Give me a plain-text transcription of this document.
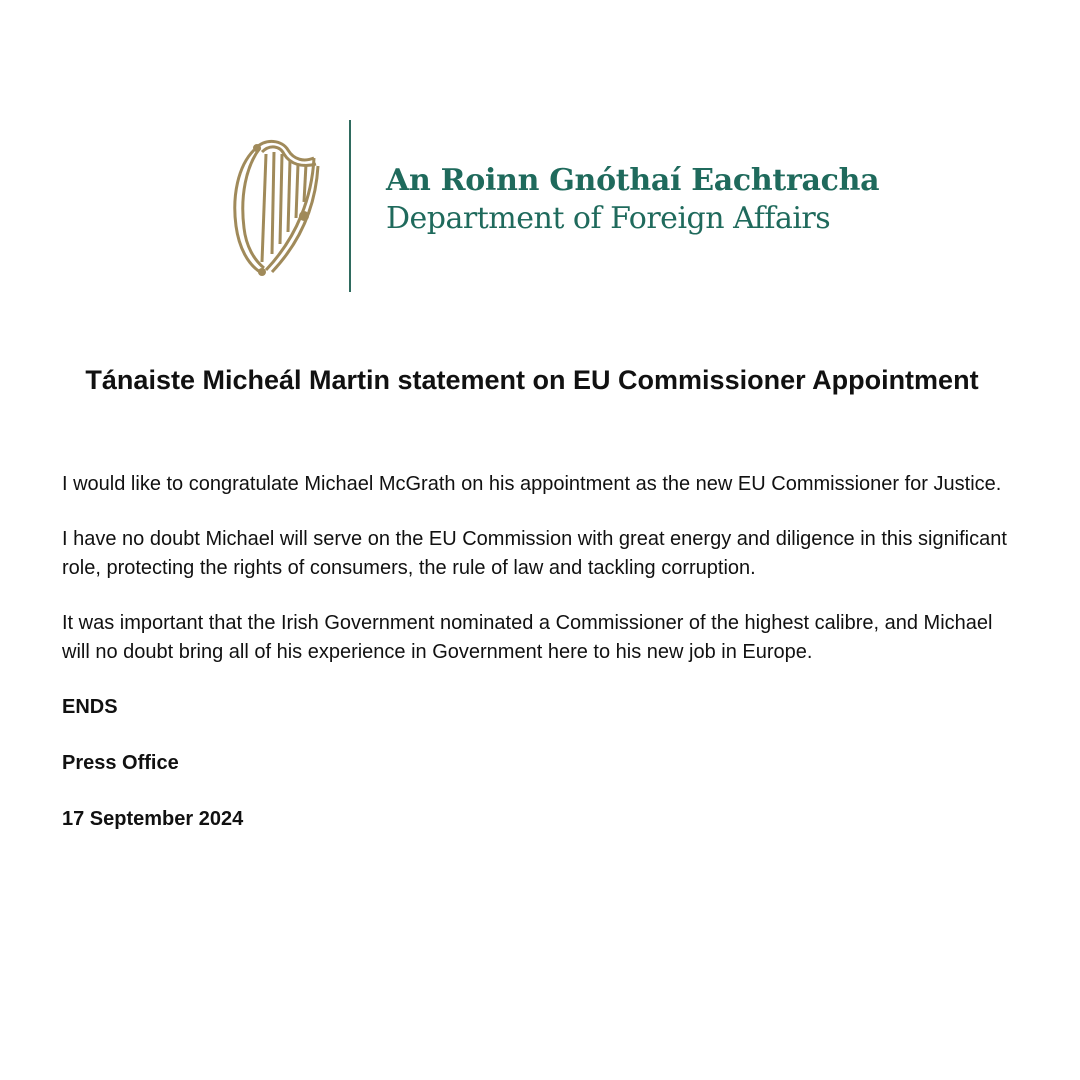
An Roinn Gnóthaí Eachtracha
Department of Foreign Affairs
Tánaiste Micheál Martin statement on EU Commissioner Appointment

I would like to congratulate Michael McGrath on his appointment as the new EU Commissioner for Justice.

I have no doubt Michael will serve on the EU Commission with great energy and diligence in this significant role, protecting the rights of consumers, the rule of law and tackling corruption.

It was important that the Irish Government nominated a Commissioner of the highest calibre, and Michael will no doubt bring all of his experience in Government here to his new job in Europe.

ENDS

Press Office

17 September 2024
